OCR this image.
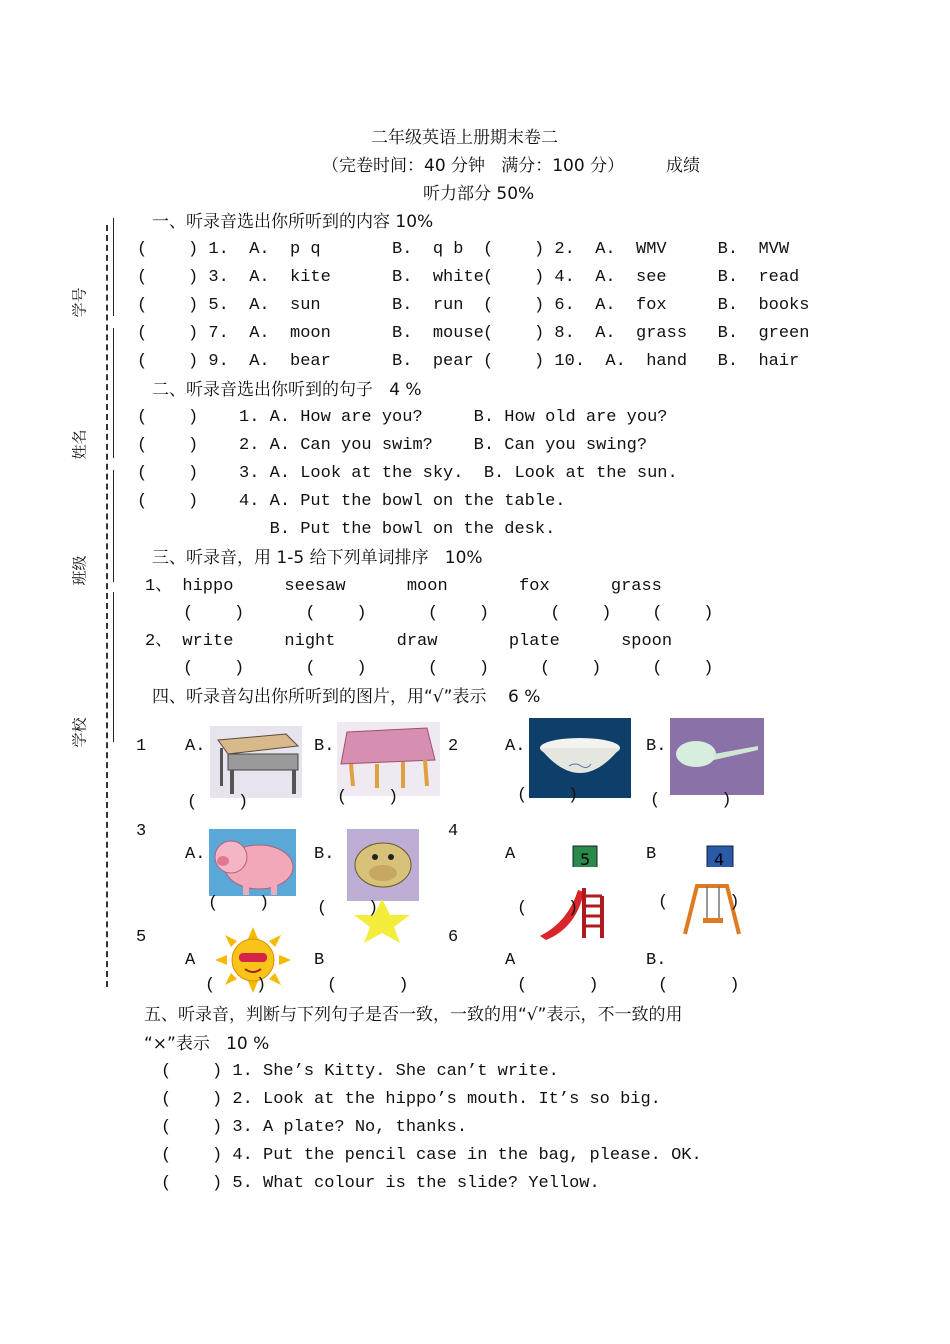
二年级英语上册期末卷二
（完卷时间：40 分钟   满分：100 分） 成绩
听力部分 50%
学号
姓名
班级
学校
一、听录音选出你所听到的内容 10%
(    ) 1.  A.  p q       B.  q b (    ) 2.  A.  WMV     B.  MVW
(    ) 3.  A.  kite      B.  white (    ) 4.  A.  see     B.  read
(    ) 5.  A.  sun       B.  run (    ) 6.  A.  fox     B.  books
(    ) 7.  A.  moon      B.  mouse (    ) 8.  A.  grass   B.  green
(    ) 9.  A.  bear      B.  pear (    ) 10.  A.  hand   B.  hair
二、听录音选出你听到的句子   4 %
(    )    1. A. How are you?     B. How old are you?
(    )    2. A. Can you swim?    B. Can you swing?
(    )    3. A. Look at the sky.  B. Look at the sun.
(    )    4. A. Put the bowl on the table.
B. Put the bowl on the desk.
三、听录音，用 1-5 给下列单词排序   10%
1、 hippo     seesaw      moon       fox      grass
(    )      (    )      (    )      (    )    (    )
2、 write     night      draw       plate      spoon
(    )      (    )      (    )     (    )     (    )
四、听录音勾出你所听到的图片，用“√”表示    6 %
1 A.
(    )
B.
(    )
2	A.
(    )
B.
(      )
3
A.
(    )
B.
(    )
4
A	5
(    )
B	4
(      )
5
A
(    )
B
(      )
6
A
(      )
B.
(      )
五、听录音，判断与下列句子是否一致，一致的用“√”表示，不一致的用
“×”表示   10 %
(    ) 1. She’s Kitty. She can’t write.
(    ) 2. Look at the hippo’s mouth. It’s so big.
(    ) 3. A plate? No, thanks.
(    ) 4. Put the pencil case in the bag, please. OK.
(    ) 5. What colour is the slide? Yellow.
